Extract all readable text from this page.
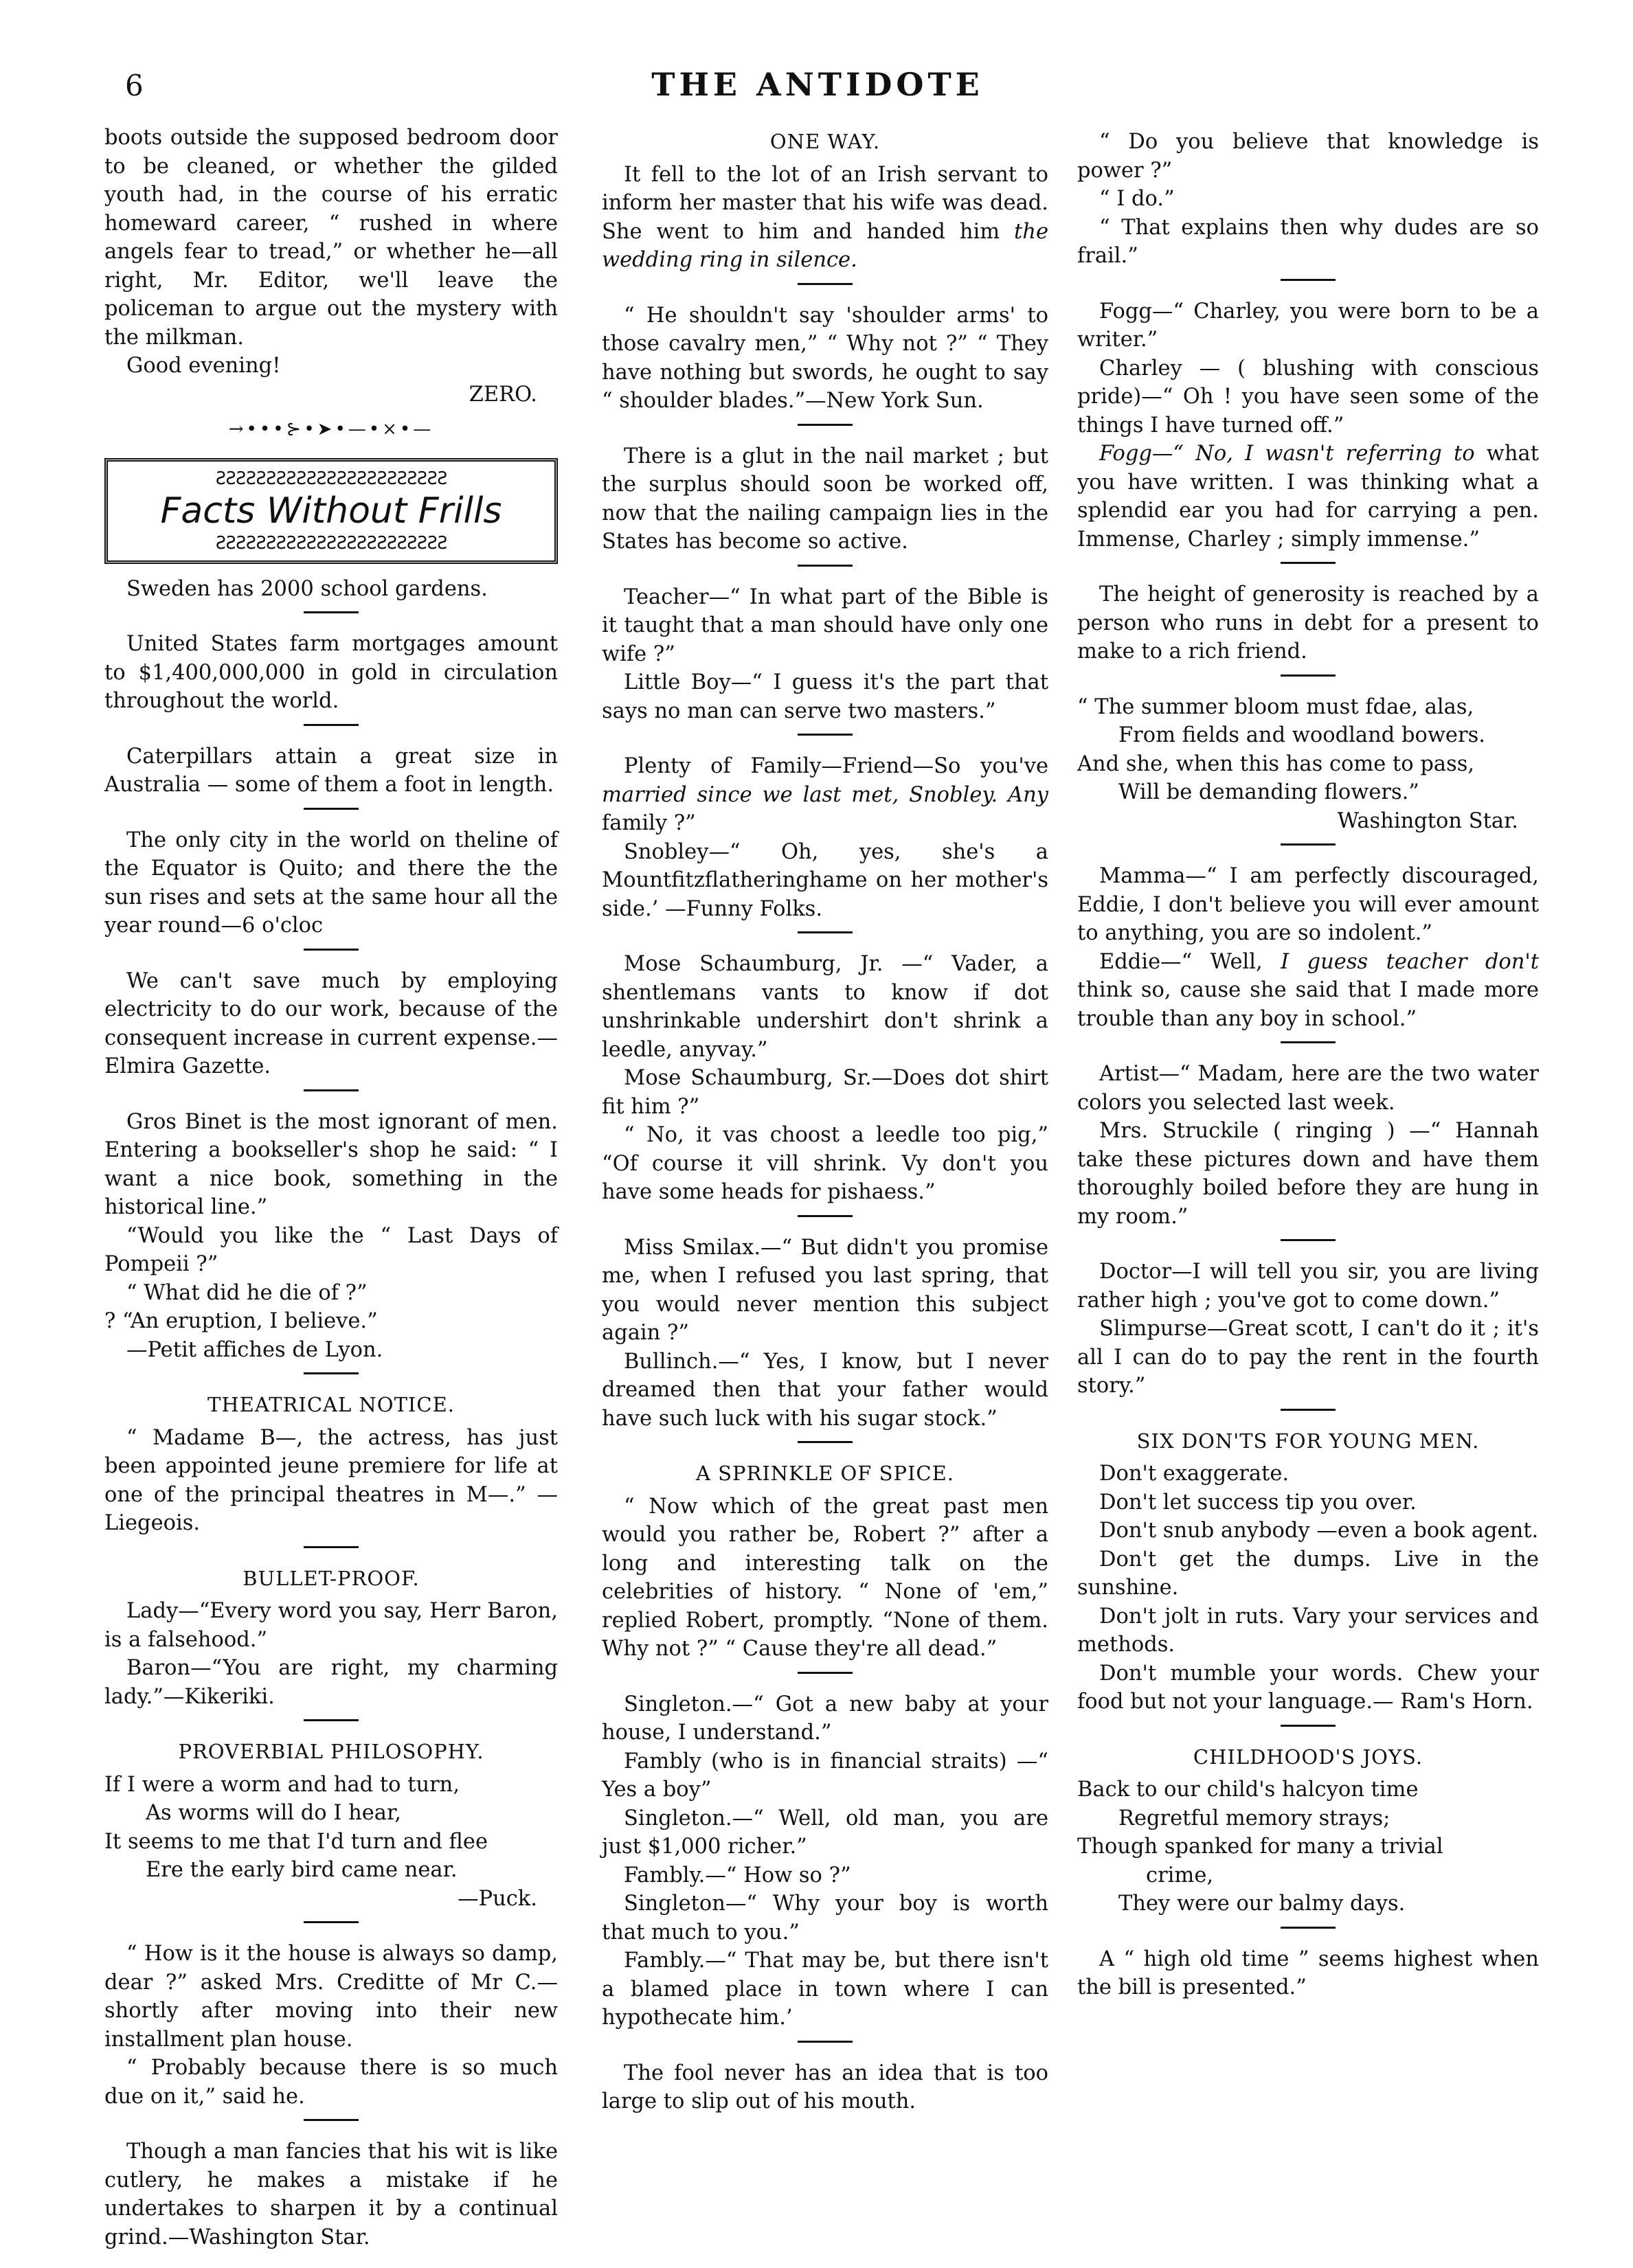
6	THE ANTIDOTE

boots outside the supposed bedroom door to be cleaned, or whether the gilded youth had, in the course of his erratic homeward career, “ rushed in where angels fear to tread,” or whether he—all right, Mr. Editor, we'll leave the policeman to argue out the mystery with the milkman.

Good evening!

ZERO.

→•••⊱•➤•—•×•—
ƧƧƧƧƧƧƧƧƧƧƧƧƧƧƧƧƧƧƧƧƧƧƧ
Facts Without Frills
ƧƧƧƧƧƧƧƧƧƧƧƧƧƧƧƧƧƧƧƧƧƧƧ

Sweden has 2000 school gardens.

United States farm mortgages amount to $1,400,000,000 in gold in circulation throughout the world.

Caterpillars attain a great size in Australia — some of them a foot in length.

The only city in the world on theline of the Equator is Quito; and there the the sun rises and sets at the same hour all the year round—6 o'cloc

We can't save much by employing electricity to do our work, because of the consequent increase in current expense.—Elmira Gazette.

Gros Binet is the most ignorant of men. Entering a bookseller's shop he said: “ I want a nice book, something in the historical line.”

“Would you like the “ Last Days of Pompeii ?”

“ What did he die of ?”

? “An eruption, I believe.”

—Petit affiches de Lyon.

THEATRICAL NOTICE.

“ Madame B—, the actress, has just been appointed jeune premiere for life at one of the principal theatres in M—.” —Liegeois.

BULLET-PROOF.

Lady—“Every word you say, Herr Baron, is a falsehood.”

Baron—“You are right, my charming lady.”—Kikeriki.

PROVERBIAL PHILOSOPHY.

If I were a worm and had to turn,
As worms will do I hear,
It seems to me that I'd turn and flee
Ere the early bird came near.

—Puck.

“ How is it the house is always so damp, dear ?” asked Mrs. Creditte of Mr C.— shortly after moving into their new installment plan house.

“ Probably because there is so much due on it,” said he.

Though a man fancies that his wit is like cutlery, he makes a mistake if he undertakes to sharpen it by a continual grind.—Washington Star.

ONE WAY.

It fell to the lot of an Irish servant to inform her master that his wife was dead. She went to him and handed him the wedding ring in silence.

“ He shouldn't say 'shoulder arms' to those cavalry men,” “ Why not ?” “ They have nothing but swords, he ought to say “ shoulder blades.”—New York Sun.

There is a glut in the nail market ; but the surplus should soon be worked off, now that the nailing campaign lies in the States has become so active.

Teacher—“ In what part of the Bible is it taught that a man should have only one wife ?”

Little Boy—“ I guess it's the part that says no man can serve two masters.”

Plenty of Family—Friend—So you've married since we last met, Snobley. Any family ?”

Snobley—“ Oh, yes, she's a Mountfitzflatheringhame on her mother's side.’ —Funny Folks.

Mose Schaumburg, Jr. —“ Vader, a shentlemans vants to know if dot unshrinkable undershirt don't shrink a leedle, anyvay.”

Mose Schaumburg, Sr.—Does dot shirt fit him ?”

“ No, it vas choost a leedle too pig,” “Of course it vill shrink. Vy don't you have some heads for pishaess.”

Miss Smilax.—“ But didn't you promise me, when I refused you last spring, that you would never mention this subject again ?”

Bullinch.—“ Yes, I know, but I never dreamed then that your father would have such luck with his sugar stock.”

A SPRINKLE OF SPICE.

“ Now which of the great past men would you rather be, Robert ?” after a long and interesting talk on the celebrities of history. “ None of 'em,” replied Robert, promptly. “None of them. Why not ?” “ Cause they're all dead.”

Singleton.—“ Got a new baby at your house, I understand.”

Fambly (who is in financial straits) —“ Yes a boy”

Singleton.—“ Well, old man, you are just $1,000 richer.”

Fambly.—“ How so ?”

Singleton—“ Why your boy is worth that much to you.”

Fambly.—“ That may be, but there isn't a blamed place in town where I can hypothecate him.’

The fool never has an idea that is too large to slip out of his mouth.

“ Do you believe that knowledge is power ?”

“ I do.”

“ That explains then why dudes are so frail.”

Fogg—“ Charley, you were born to be a writer.”

Charley — ( blushing with conscious pride)—“ Oh ! you have seen some of the things I have turned off.”

Fogg—“ No, I wasn't referring to what you have written. I was thinking what a splendid ear you had for carrying a pen. Immense, Charley ; simply immense.”

The height of generosity is reached by a person who runs in debt for a present to make to a rich friend.

“ The summer bloom must fdae, alas,
From fields and woodland bowers.
And she, when this has come to pass,
Will be demanding flowers.”

Washington Star.

Mamma—“ I am perfectly discouraged, Eddie, I don't believe you will ever amount to anything, you are so indolent.”

Eddie—“ Well, I guess teacher don't think so, cause she said that I made more trouble than any boy in school.”

Artist—“ Madam, here are the two water colors you selected last week.

Mrs. Struckile ( ringing ) —“ Hannah take these pictures down and have them thoroughly boiled before they are hung in my room.”

Doctor—I will tell you sir, you are living rather high ; you've got to come down.”

Slimpurse—Great scott, I can't do it ; it's all I can do to pay the rent in the fourth story.”

SIX DON'TS FOR YOUNG MEN.

Don't exaggerate.

Don't let success tip you over.

Don't snub anybody —even a book agent.

Don't get the dumps. Live in the sunshine.

Don't jolt in ruts. Vary your services and methods.

Don't mumble your words. Chew your food but not your language.— Ram's Horn.

CHILDHOOD'S JOYS.

Back to our child's halcyon time
Regretful memory strays;
Though spanked for many a trivial
crime,
They were our balmy days.

A “ high old time ” seems highest when the bill is presented.”
